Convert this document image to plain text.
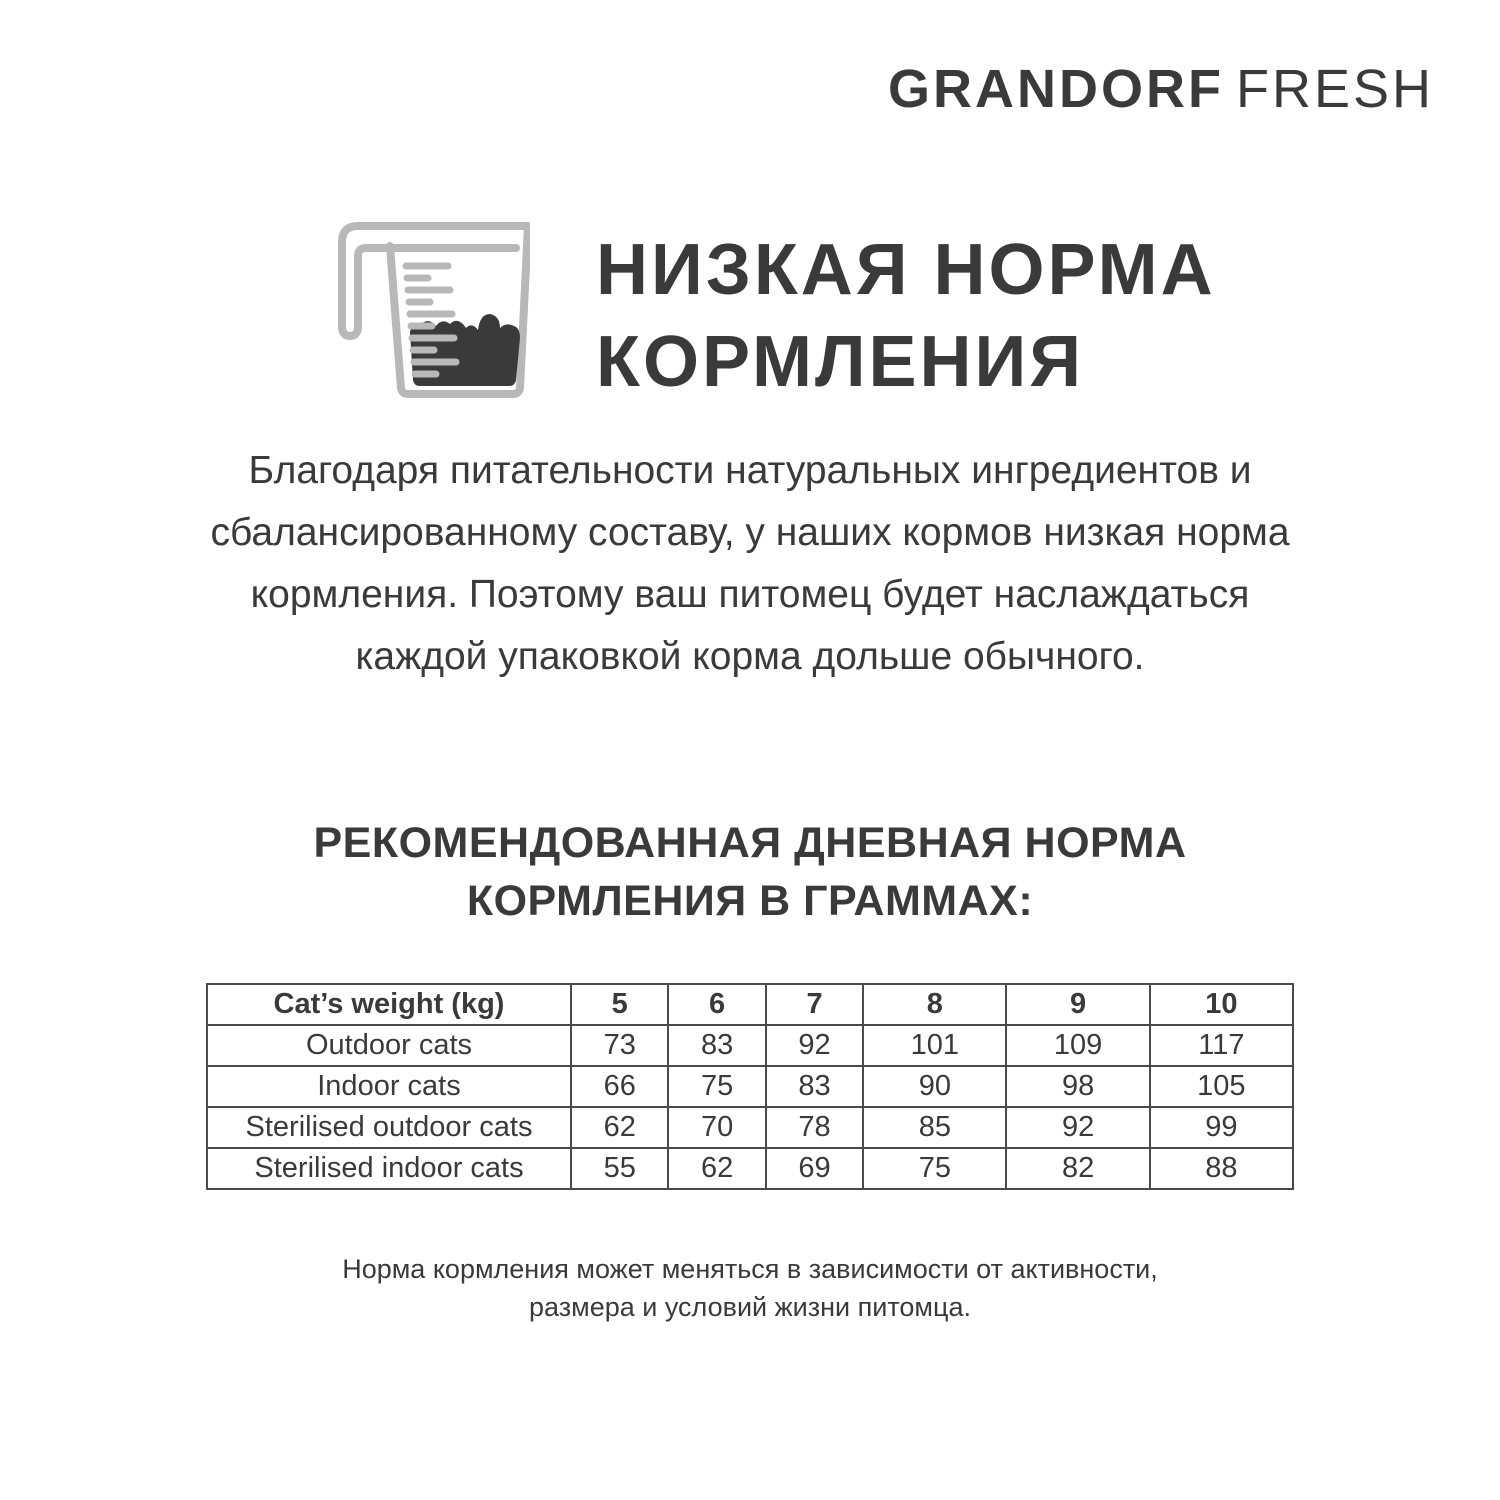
GRANDORF FRESH
НИЗКАЯ НОРМА
КОРМЛЕНИЯ
Благодаря питательности натуральных ингредиентов и
сбалансированному составу, у наших кормов низкая норма
кормления. Поэтому ваш питомец будет наслаждаться
каждой упаковкой корма дольше обычного.
РЕКОМЕНДОВАННАЯ ДНЕВНАЯ НОРМА
КОРМЛЕНИЯ В ГРАММАХ:
Cat’s weight (kg)	5	6	7	8	9	10
Outdoor cats	73	83	92	101	109	117
Indoor cats	66	75	83	90	98	105
Sterilised outdoor cats	62	70	78	85	92	99
Sterilised indoor cats	55	62	69	75	82	88
Норма кормления может меняться в зависимости от активности,
размера и условий жизни питомца.
